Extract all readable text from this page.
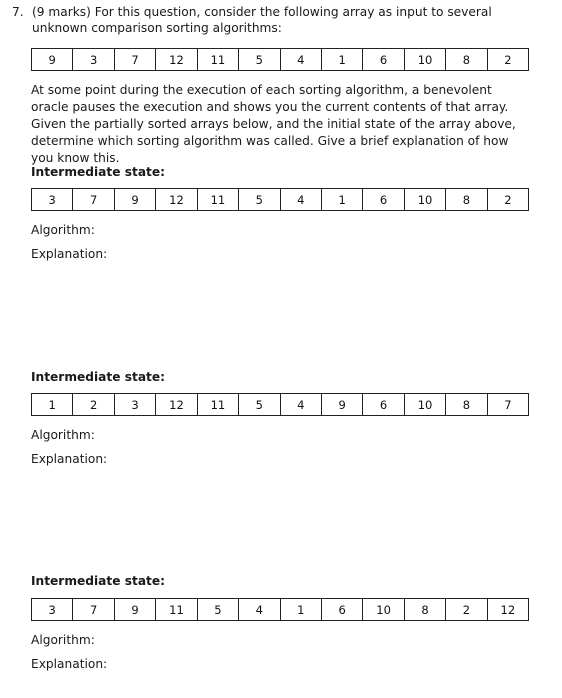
7. (9 marks) For this question, consider the following array as input to several unknown comparison sorting algorithms:
9	3	7	12	11	5	4	1	6	10	8	2
At some point during the execution of each sorting algorithm, a benevolent oracle pauses the execution and shows you the current contents of that array. Given the partially sorted arrays below, and the initial state of the array above, determine which sorting algorithm was called. Give a brief explanation of how you know this.
Intermediate state:
3	7	9	12	11	5	4	1	6	10	8	2
Algorithm:
Explanation:
Intermediate state:
1	2	3	12	11	5	4	9	6	10	8	7
Algorithm:
Explanation:
Intermediate state:
3	7	9	11	5	4	1	6	10	8	2	12
Algorithm:
Explanation:
